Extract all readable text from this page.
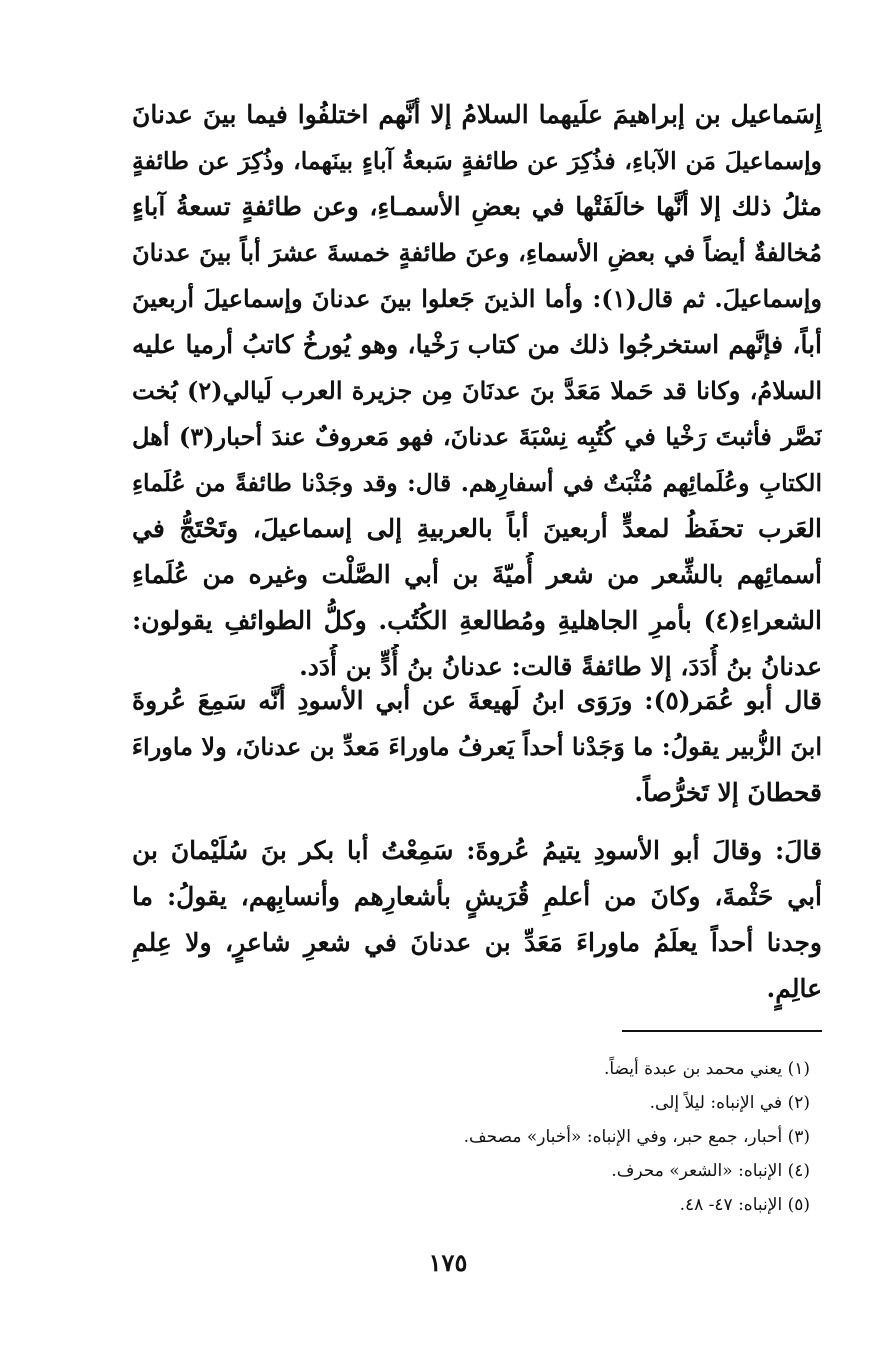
إِسَماعيل بن إبراهيمَ علَيهما السلامُ إلا أنَّهم اختلفُوا فيما بينَ عدنانَ
وإسماعيلَ مَن الآباءِ، فذُكِرَ عن طائفةٍ سَبعةُ آباءٍ بينَهما، وذُكِرَ عن طائفةٍ
مثلُ ذلك إلا أنَّها خالَفَتْها في بعضِ الأسمـاءِ، وعن طائفةٍ تسعةُ آباءٍ
مُخالفةٌ أيضاً في بعضِ الأسماءِ، وعنَ طائفةٍ خمسةَ عشرَ أباً بينَ عدنانَ
وإسماعيلَ. ثم قال(١): وأما الذينَ جَعلوا بينَ عدنانَ وإسماعيلَ أربعينَ
أباً، فإنَّهم استخرجُوا ذلك من كتاب رَخْيا، وهو يُورخُ كاتبُ أرميا عليه
السلامُ، وكانا قد حَملا مَعَدَّ بنَ عدنَانَ مِن جزيرة العرب لَيالي(٢) بُخت
نَصَّر فأثبتَ رَخْيا في كُتُبِه نِسْبَةَ عدنانَ، فهو مَعروفٌ عندَ أحبار(٣) أهل
الكتابِ وعُلَمائِهم مُثْبَتٌ في أسفارِهم. قال: وقد وجَدْنا طائفةً من عُلَماءِ
العَرب تحفَظُ لمعدٍّ أربعينَ أباً بالعربيةِ إلى إسماعيلَ، وتَحْتَجُّ في
أسمائِهم بالشِّعر من شعر أُميّةَ بن أبي الصَّلْت وغيره من عُلَماءِ
الشعراءِ(٤) بأمرِ الجاهليةِ ومُطالعةِ الكُتُب. وكلُّ الطوائفِ يقولون:
عدنانُ بنُ أُدَدَ، إلا طائفةً قالت: عدنانُ بنُ أُدٍّ بن أُدَد.
قال أبو عُمَر(٥): ورَوَى ابنُ لَهيعةَ عن أبي الأسودِ أنَّه سَمِعَ عُروةَ
ابنَ الزُّبير يقولُ: ما وَجَدْنا أحداً يَعرفُ ماوراءَ مَعدِّ بن عدنانَ، ولا ماوراءَ
قحطانَ إلا تَخرُّصاً.
قالَ: وقالَ أبو الأسودِ يتيمُ عُروةَ: سَمِعْتُ أبا بكر بنَ سُلَيْمانَ بن
أبي حَثْمةَ، وكانَ من أعلمِ قُرَيشٍ بأشعارِهم وأنسابِهم، يقولُ: ما
وجدنا أحداً يعلَمُ ماوراءَ مَعَدِّ بن عدنانَ في شعرِ شاعرٍ، ولا عِلمِ
عالِمٍ.
(١) يعني محمد بن عبدة أيضاً.
(٢) في الإنباه: ليلاً إلى.
(٣) أحبار، جمع حبر، وفي الإنباه: «أخبار» مصحف.
(٤) الإنباه: «الشعر» محرف.
(٥) الإنباه: ٤٧- ٤٨.
١٧٥
